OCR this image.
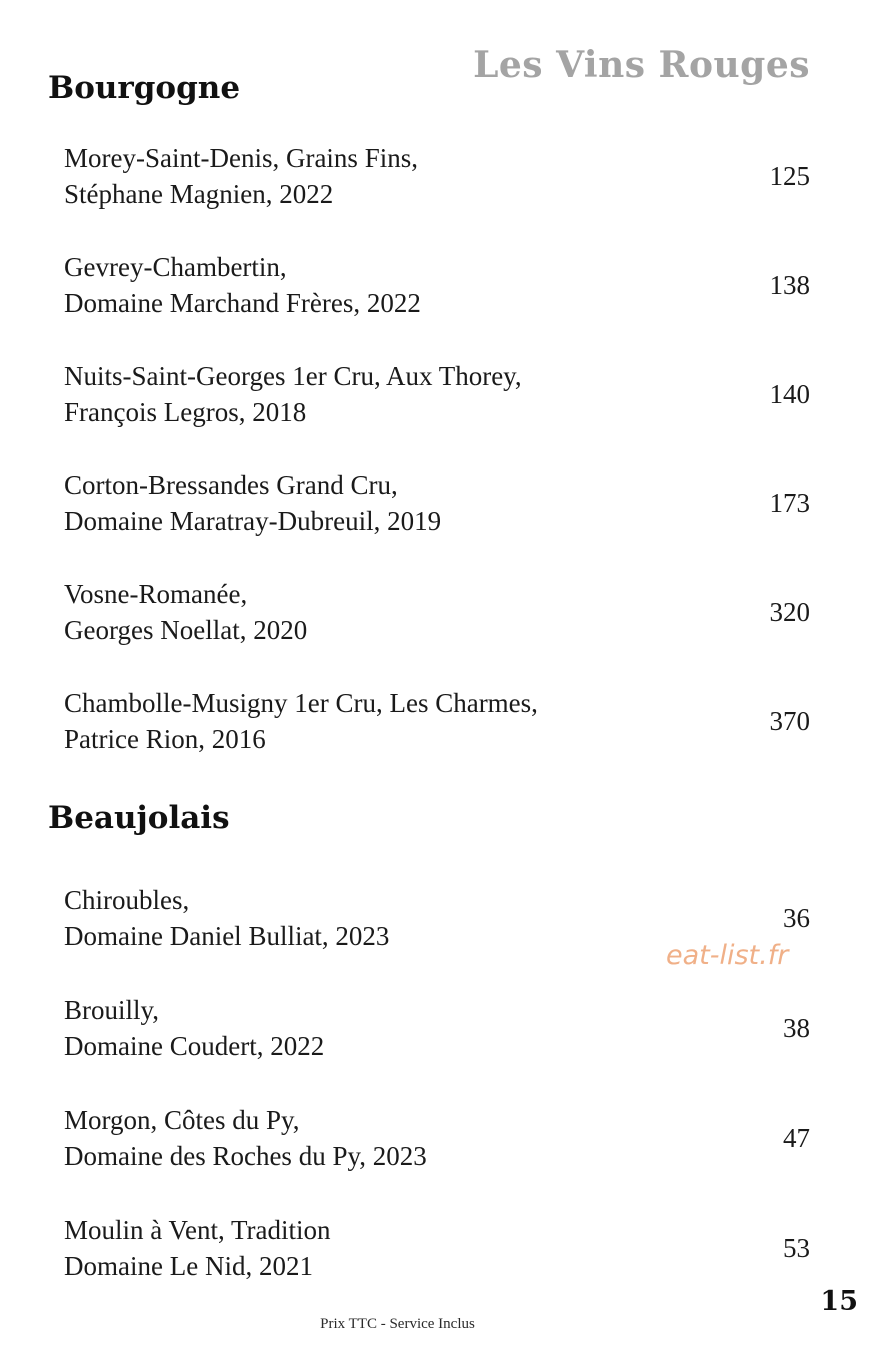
Les Vins Rouges
Bourgogne
Morey-Saint-Denis, Grains Fins,
Stéphane Magnien, 2022
125
Gevrey-Chambertin,
Domaine Marchand Frères, 2022
138
Nuits-Saint-Georges 1er Cru, Aux Thorey,
François Legros, 2018
140
Corton-Bressandes Grand Cru,
Domaine Maratray-Dubreuil, 2019
173
Vosne-Romanée,
Georges Noellat, 2020
320
Chambolle-Musigny 1er Cru, Les Charmes,
Patrice Rion, 2016
370
Beaujolais
Chiroubles,
Domaine Daniel Bulliat, 2023
36
Brouilly,
Domaine Coudert, 2022
38
Morgon, Côtes du Py,
Domaine des Roches du Py, 2023
47
Moulin à Vent, Tradition
Domaine Le Nid, 2021
53
eat-list.fr
Prix TTC - Service Inclus
15
